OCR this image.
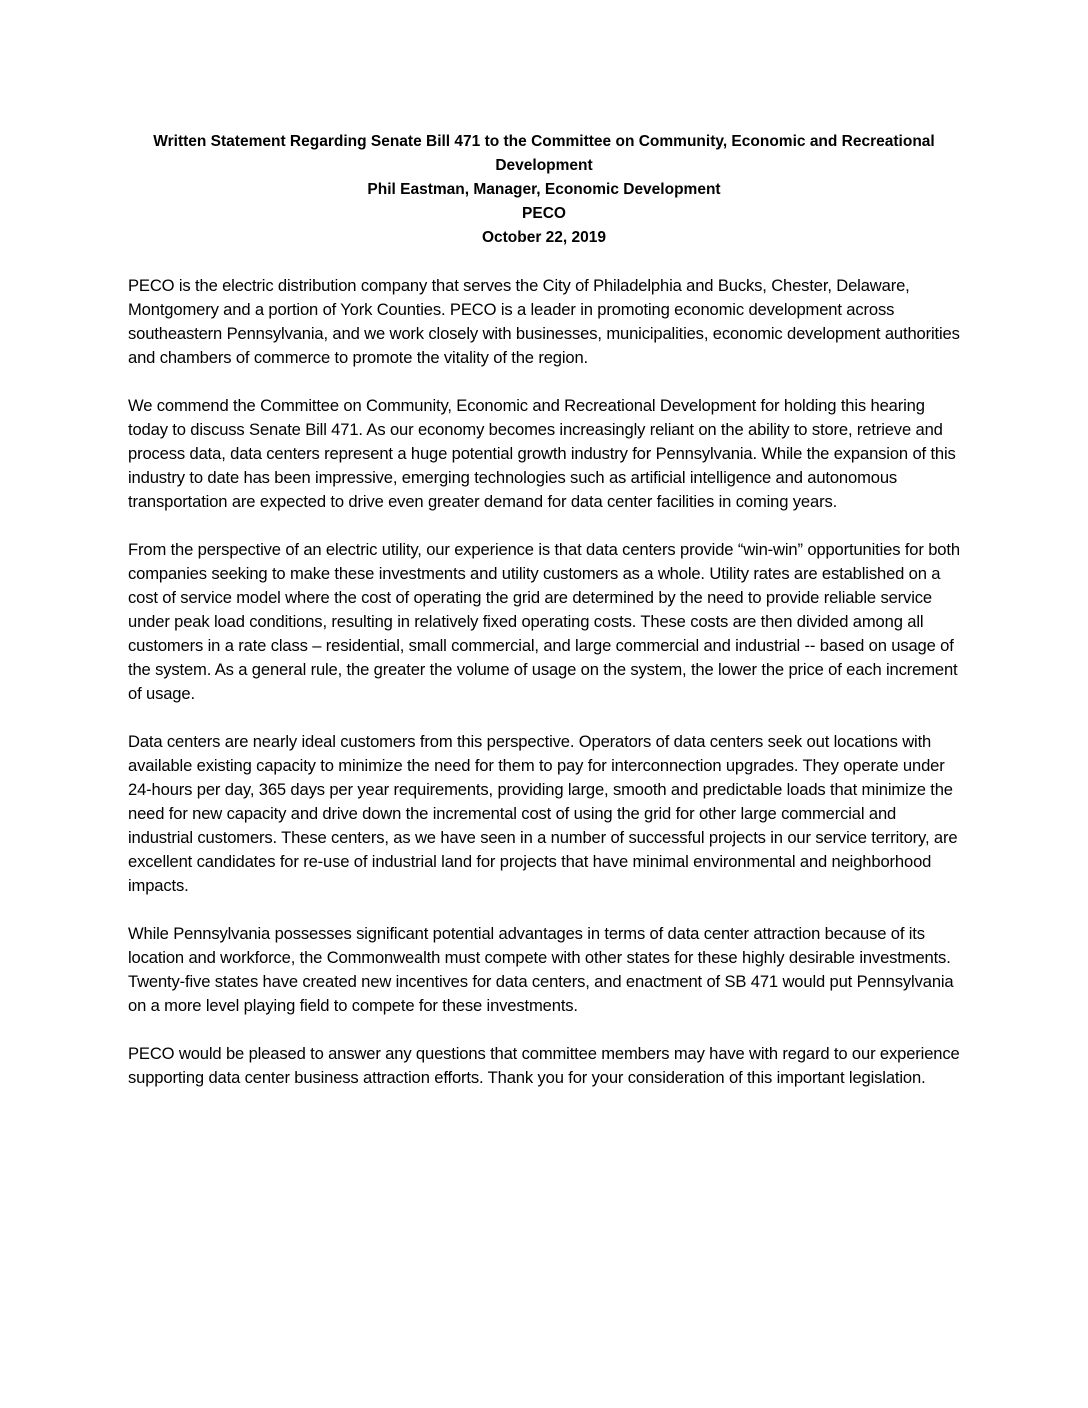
Written Statement Regarding Senate Bill 471 to the Committee on Community, Economic and Recreational Development
Phil Eastman, Manager, Economic Development
PECO
October 22, 2019

PECO is the electric distribution company that serves the City of Philadelphia and Bucks, Chester, Delaware, Montgomery and a portion of York Counties. PECO is a leader in promoting economic development across southeastern Pennsylvania, and we work closely with businesses, municipalities, economic development authorities and chambers of commerce to promote the vitality of the region.

We commend the Committee on Community, Economic and Recreational Development for holding this hearing today to discuss Senate Bill 471. As our economy becomes increasingly reliant on the ability to store, retrieve and process data, data centers represent a huge potential growth industry for Pennsylvania. While the expansion of this industry to date has been impressive, emerging technologies such as artificial intelligence and autonomous transportation are expected to drive even greater demand for data center facilities in coming years.

From the perspective of an electric utility, our experience is that data centers provide “win-win” opportunities for both companies seeking to make these investments and utility customers as a whole. Utility rates are established on a cost of service model where the cost of operating the grid are determined by the need to provide reliable service under peak load conditions, resulting in relatively fixed operating costs. These costs are then divided among all customers in a rate class – residential, small commercial, and large commercial and industrial -- based on usage of the system. As a general rule, the greater the volume of usage on the system, the lower the price of each increment of usage.

Data centers are nearly ideal customers from this perspective. Operators of data centers seek out locations with available existing capacity to minimize the need for them to pay for interconnection upgrades. They operate under 24-hours per day, 365 days per year requirements, providing large, smooth and predictable loads that minimize the need for new capacity and drive down the incremental cost of using the grid for other large commercial and industrial customers. These centers, as we have seen in a number of successful projects in our service territory, are excellent candidates for re-use of industrial land for projects that have minimal environmental and neighborhood impacts.

While Pennsylvania possesses significant potential advantages in terms of data center attraction because of its location and workforce, the Commonwealth must compete with other states for these highly desirable investments. Twenty-five states have created new incentives for data centers, and enactment of SB 471 would put Pennsylvania on a more level playing field to compete for these investments.

PECO would be pleased to answer any questions that committee members may have with regard to our experience supporting data center business attraction efforts. Thank you for your consideration of this important legislation.
